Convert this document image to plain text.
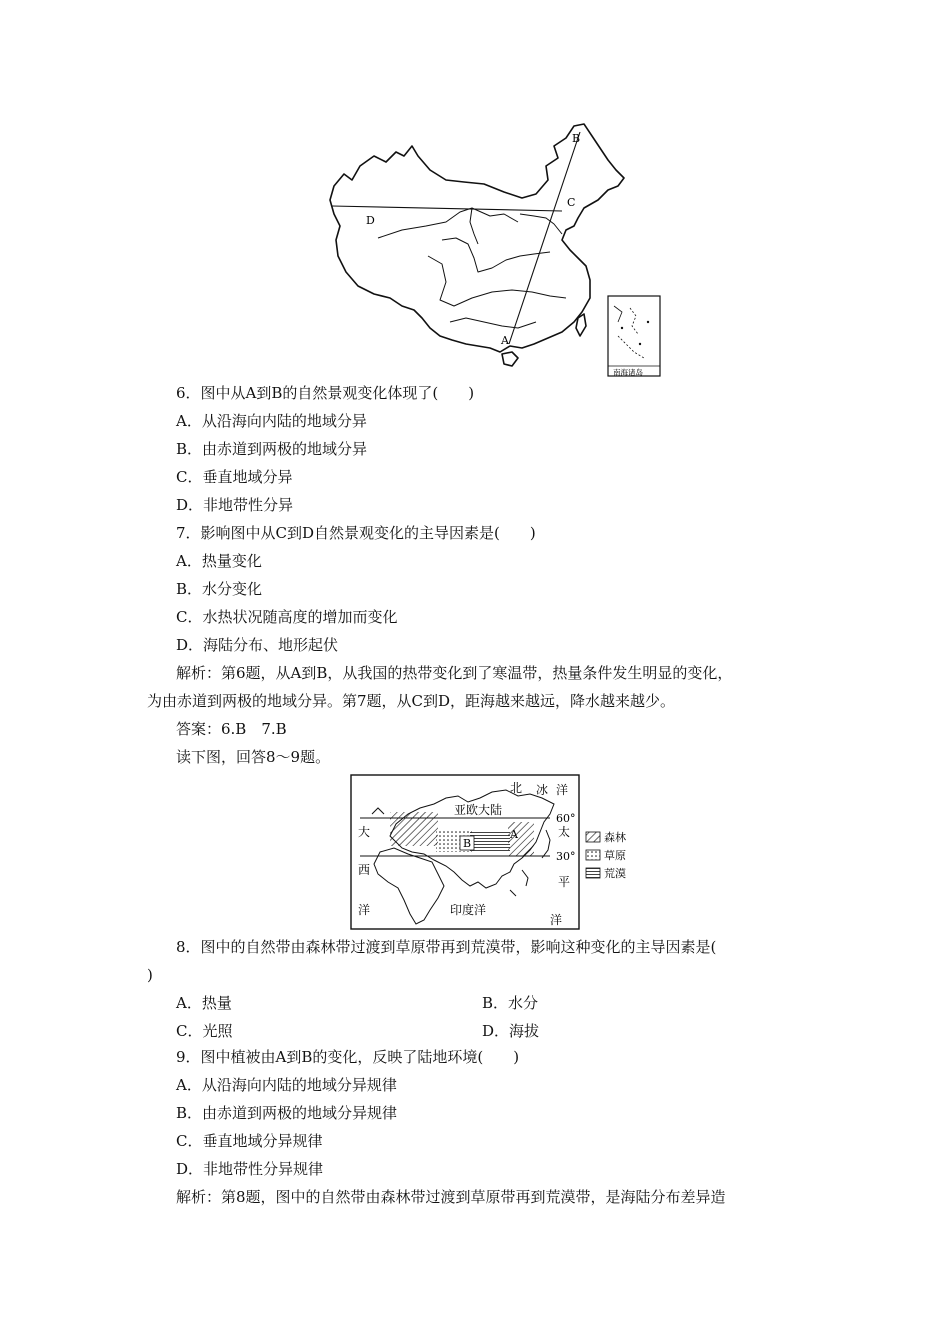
A
B
C
D
南海诸岛
6．图中从A到B的自然景观变化体现了(　　)
A．从沿海向内陆的地域分异
B．由赤道到两极的地域分异
C．垂直地域分异
D．非地带性分异
7．影响图中从C到D自然景观变化的主导因素是(　　)
A．热量变化
B．水分变化
C．水热状况随高度的增加而变化
D．海陆分布、地形起伏
解析：第6题，从A到B，从我国的热带变化到了寒温带，热量条件发生明显的变化，
为由赤道到两极的地域分异。第7题，从C到D，距海越来越远，降水越来越少。
答案：6.B　7.B
读下图，回答8～9题。
B
A
北 冰 洋
亚欧大陆
60°
30°
大
西
洋
太
平
洋
印度洋
森林
草原
荒漠
8．图中的自然带由森林带过渡到草原带再到荒漠带，影响这种变化的主导因素是(
)
A．热量	B．水分
C．光照	D．海拔
9．图中植被由A到B的变化，反映了陆地环境(　　)
A．从沿海向内陆的地域分异规律
B．由赤道到两极的地域分异规律
C．垂直地域分异规律
D．非地带性分异规律
解析：第8题，图中的自然带由森林带过渡到草原带再到荒漠带，是海陆分布差异造
